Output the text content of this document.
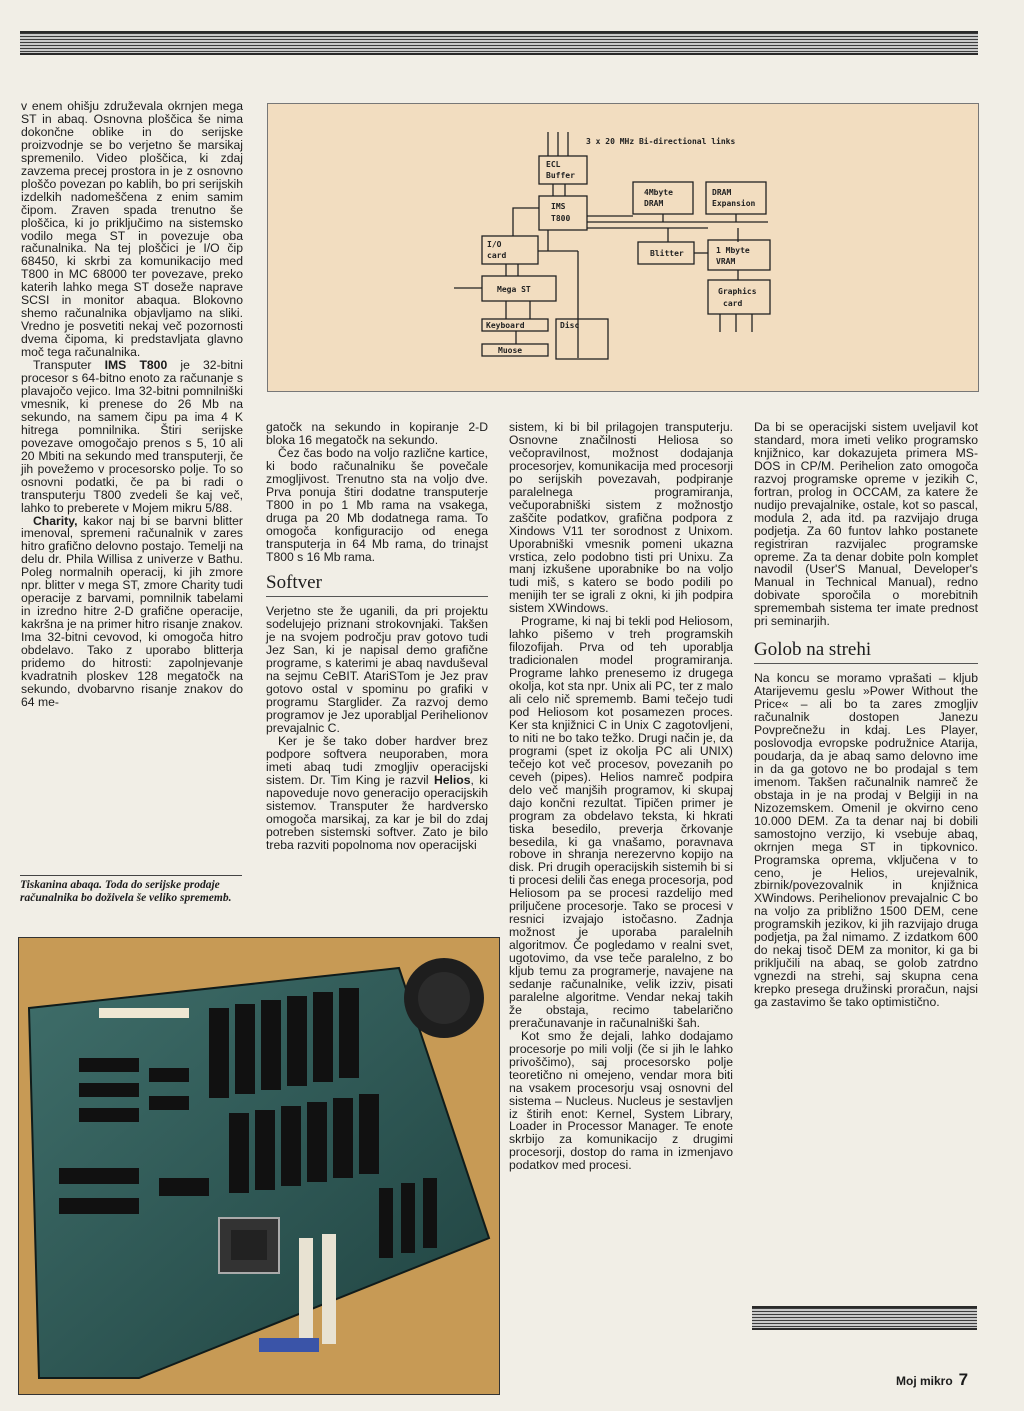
v enem ohišju združevala okrnjen mega ST in abaq. Osnovna ploščica še nima dokončne oblike in do serijske proizvodnje se bo verjetno še marsikaj spremenilo. Video ploščica, ki zdaj zavzema precej prostora in je z osnovno ploščo povezan po kablih, bo pri serijskih izdelkih nadomeščena z enim samim čipom. Zraven spada trenutno še ploščica, ki jo priključimo na sistemsko vodilo mega ST in povezuje oba računalnika. Na tej ploščici je I/O čip 68450, ki skrbi za komunikacijo med T800 in MC 68000 ter povezave, preko katerih lahko mega ST doseže naprave SCSI in monitor abaqua. Blokovno shemo računalnika objavljamo na sliki. Vredno je posvetiti nekaj več pozornosti dvema čipoma, ki predstavljata glavno moč tega računalnika.

Transputer IMS T800 je 32-bitni procesor s 64-bitno enoto za računanje s plavajočo vejico. Ima 32-bitni pomnilniški vmesnik, ki prenese do 26 Mb na sekundo, na samem čipu pa ima 4 K hitrega pomnilnika. Štiri serijske povezave omogočajo prenos s 5, 10 ali 20 Mbiti na sekundo med transputerji, če jih povežemo v procesorsko polje. To so osnovni podatki, če pa bi radi o transputerju T800 zvedeli še kaj več, lahko to preberete v Mojem mikru 5/88.

Charity, kakor naj bi se barvni blitter imenoval, spremeni računalnik v zares hitro grafično delovno postajo. Temelji na delu dr. Phila Willisa z univerze v Bathu. Poleg normalnih operacij, ki jih zmore npr. blitter v mega ST, zmore Charity tudi operacije z barvami, pomnilnik tabelami in izredno hitre 2-D grafične operacije, kakršna je na primer hitro risanje znakov. Ima 32-bitni cevovod, ki omogoča hitro obdelavo. Tako z uporabo blitterja pridemo do hitrosti: zapolnjevanje kvadratnih ploskev 128 megatočk na sekundo, dvobarvno risanje znakov do 64 me-

Tiskanina abaqa. Toda do serijske prodaje računalnika bo doživela še veliko sprememb.
3 x 20 MHz Bi-directional links
ECL
Buffer
IMS
T800
I/O
card
Mega ST
Keyboard	Disc
Muose
4Mbyte
DRAM
DRAM
Expansion
Blitter	1 Mbyte
VRAM
Graphics
card

gatočk na sekundo in kopiranje 2-D bloka 16 megatočk na sekundo.

Čez čas bodo na voljo različne kartice, ki bodo računalniku še povečale zmogljivost. Trenutno sta na voljo dve. Prva ponuja štiri dodatne transputerje T800 in po 1 Mb rama na vsakega, druga pa 20 Mb dodatnega rama. To omogoča konfiguracijo od enega transputerja in 64 Mb rama, do trinajst T800 s 16 Mb rama.

Softver

Verjetno ste že uganili, da pri projektu sodelujejo priznani strokovnjaki. Takšen je na svojem področju prav gotovo tudi Jez San, ki je napisal demo grafične programe, s katerimi je abaq navduševal na sejmu CeBIT. AtariSTom je Jez prav gotovo ostal v spominu po grafiki v programu Starglider. Za razvoj demo programov je Jez uporabljal Perihelionov prevajalnic C.

Ker je še tako dober hardver brez podpore softvera neuporaben, morа imeti abaq tudi zmogljiv operacijski sistem. Dr. Tim King je razvil Helios, ki napoveduje novo generacijo operacijskih sistemov. Transputer že hardversko omogoča marsikaj, za kar je bil do zdaj potreben sistemski softver. Zato je bilo treba razviti popolnoma nov operacijski

sistem, ki bi bil prilagojen transputerju. Osnovne značilnosti Heliosa so večopravilnost, možnost dodajanja procesorjev, komunikacija med procesorji po serijskih povezavah, podpiranje paralelnega programiranja, večuporabniški sistem z možnostjo zaščite podatkov, grafična podpora z Xindows V11 ter sorodnost z Unixom. Uporabniški vmesnik pomeni ukazna vrstica, zelo podobno tisti pri Unixu. Za manj izkušene uporabnike bo na voljo tudi miš, s katero se bodo podili po menijih ter se igrali z okni, ki jih podpira sistem XWindows.

Programe, ki naj bi tekli pod Heliosom, lahko pišemo v treh programskih filozofijah. Prva od teh uporablja tradicionalen model programiranja. Programe lahko prenesemo iz drugega okolja, kot sta npr. Unix ali PC, ter z malo ali celo nič sprememb. Bami tečejo tudi pod Heliosom kot posamezen proces. Ker sta knjižnici C in Unix C zagotovljeni, to niti ne bo tako težko. Drugi način je, da programi (spet iz okolja PC ali UNIX) tečejo kot več procesov, povezanih po ceveh (pipes). Helios namreč podpira delo več manjših programov, ki skupaj dajo končni rezultat. Tipičen primer je program za obdelavo teksta, ki hkrati tiska besedilo, preverja črkovanje besedila, ki ga vnašamo, poravnava robove in shranja nerezervno kopijo na disk. Pri drugih operacijskih sistemih bi si ti procesi delili čas enega procesorja, pod Heliosom pa se procesi razdelijo med priljučene procesorje. Tako se procesi v resnici izvajajo istočasno. Zadnja možnost je uporaba paralelnih algoritmov. Če pogledamo v realni svet, ugotovimo, da vse teče paralelno, z bo kljub temu za programerje, navajene na sedanje računalnike, velik izziv, pisati paralelne algoritme. Vendar nekaj takih že obstaja, recimo tabelarično preračunavanje in računalniški šah.

Kot smo že dejali, lahko dodajamo procesorje po mili volji (če si jih le lahko privoščimo), saj procesorsko polje teoretično ni omejeno, vendar mora biti na vsakem procesorju vsaj osnovni del sistema – Nucleus. Nucleus je sestavljen iz štirih enot: Kernel, System Library, Loader in Processor Manager. Te enote skrbijo za komunikacijo z drugimi procesorji, dostop do rama in izmenjavo podatkov med procesi.

Da bi se operacijski sistem uveljavil kot standard, mora imeti veliko programsko knjižnico, kar dokazujeta primera MS-DOS in CP/M. Perihelion zato omogoča razvoj programske opreme v jezikih C, fortran, prolog in OCCAM, za katere že nudijo prevajalnike, ostale, kot so pascal, modula 2, ada itd. pa razvijajo druga podjetja. Za 60 funtov lahko postanete registriran razvijalec programske opreme. Za ta denar dobite poln komplet navodil (User'S Manual, Developer's Manual in Technical Manual), redno dobivate sporočila o morebitnih spremembah sistema ter imate prednost pri seminarjih.

Golob na strehi

Na koncu se moramo vprašati – kljub Atarijevemu geslu »Power Without the Price« – ali bo ta zares zmogljiv računalnik dostopen Janezu Povprečnežu in kdaj. Les Player, poslovodja evropske podružnice Atarija, poudarja, da je abaq samo delovno ime in da ga gotovo ne bo prodajal s tem imenom. Takšen računalnik namreč že obstaja in je na prodaj v Belgiji in na Nizozemskem. Omenil je okvirno ceno 10.000 DEM. Za ta denar naj bi dobili samostojno verzijo, ki vsebuje abaq, okrnjen mega ST in tipkovnico. Programska oprema, vključena v to ceno, je Helios, urejevalnik, zbirnik/povezovalnik in knjižnica XWindows. Perihelionov prevajalnic C bo na voljo za približno 1500 DEM, cene programskih jezikov, ki jih razvijajo druga podjetja, pa žal nimamo. Z izdatkom 600 do nekaj tisoč DEM za monitor, ki ga bi priključili na abaq, se golob zatrdno vgnezdi na strehi, saj skupna cena krepko presega družinski proračun, najsi ga zastavimo še tako optimistično.

Moj mikro 7
